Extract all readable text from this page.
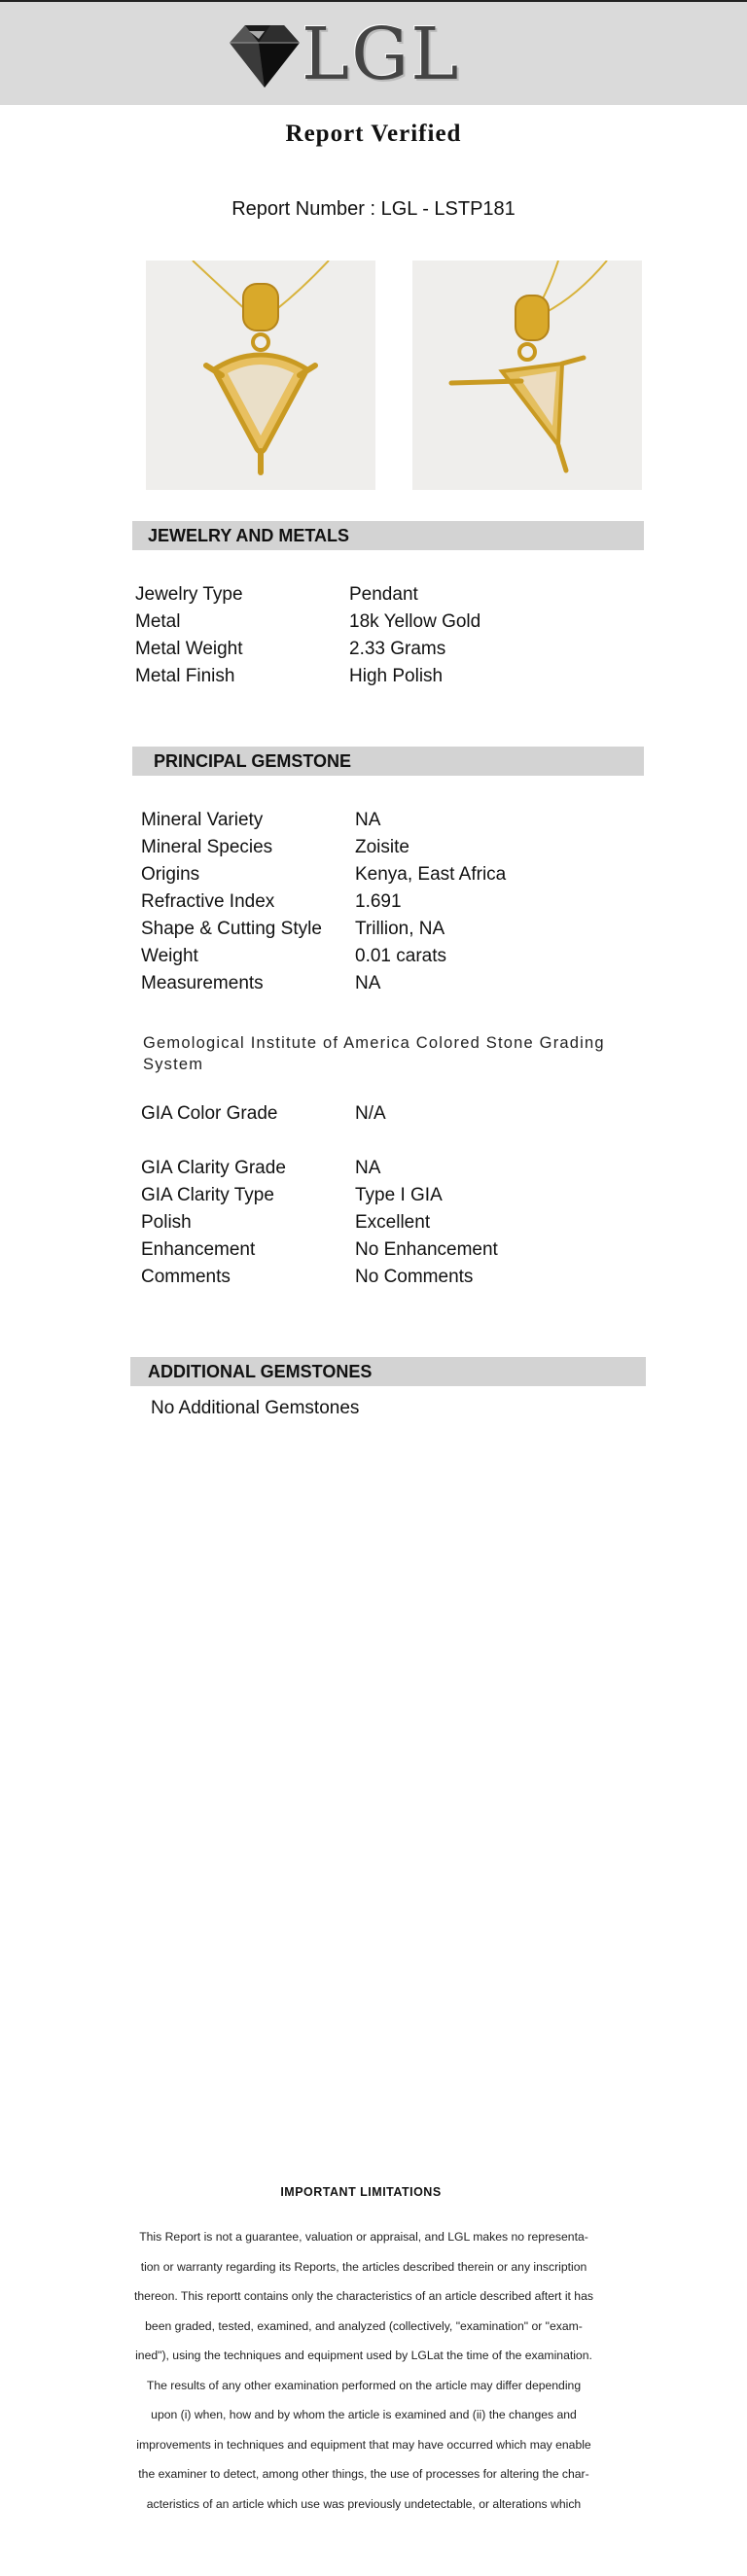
LGL
Report Verified
Report Number : LGL - LSTP181
JEWELRY AND METALS
Jewelry Type	Pendant
Metal	18k Yellow Gold
Metal Weight	2.33 Grams
Metal Finish	High Polish
PRINCIPAL GEMSTONE
Mineral Variety	NA
Mineral Species	Zoisite
Origins	Kenya, East Africa
Refractive Index	1.691
Shape & Cutting Style	Trillion, NA
Weight	0.01 carats
Measurements	NA
Gemological Institute of America Colored Stone Grading System
GIA Color Grade	N/A
GIA Clarity Grade	NA
GIA Clarity Type	Type I GIA
Polish	Excellent
Enhancement	No Enhancement
Comments	No Comments
ADDITIONAL GEMSTONES
No Additional Gemstones
IMPORTANT LIMITATIONS
This Report is not a guarantee, valuation or appraisal, and LGL makes no representa-
tion or warranty regarding its Reports, the articles described therein or any inscription
thereon. This reportt contains only the characteristics of an article described aftert it has
been graded, tested, examined, and analyzed (collectively, "examination" or "exam-
ined"), using the techniques and equipment used by LGLat the time of the examination.
The results of any other examination performed on the article may differ depending
upon (i) when, how and by whom the article is examined and (ii) the changes and
improvements in techniques and equipment that may have occurred which may enable
the examiner to detect, among other things, the use of processes for altering the char-
acteristics of an article which use was previously undetectable, or alterations which
